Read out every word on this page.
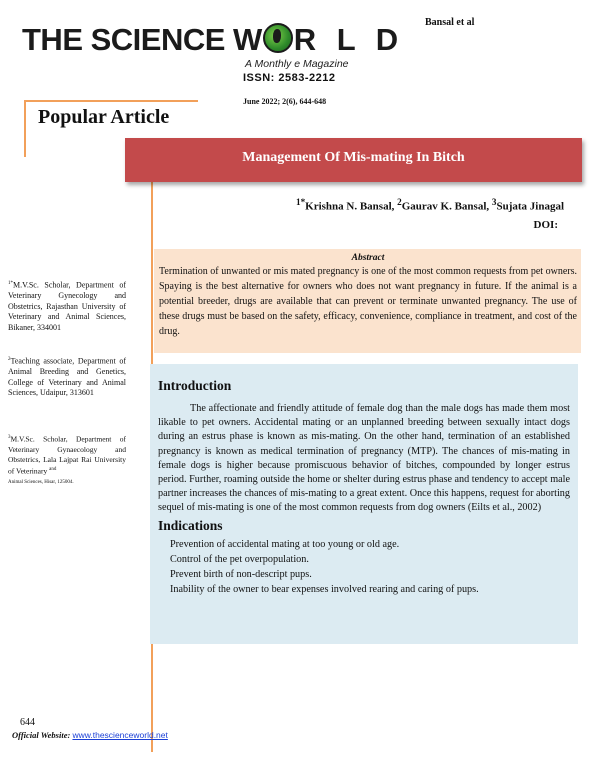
THE SCIENCE W R L D
A Monthly e Magazine
ISSN: 2583-2212
Bansal et al
June 2022; 2(6), 644-648
Popular Article
Management Of Mis-mating In Bitch
$^{1*}$Krishna N. Bansal, $^2$Gaurav K. Bansal, $^3$Sujata Jinagal
DOI:
Abstract
Termination of unwanted or mis mated pregnancy is one of the most common requests from pet owners. Spaying is the best alternative for owners who does not want pregnancy in future. If the animal is a potential breeder, drugs are available that can prevent or terminate unwanted pregnancy. The use of these drugs must be based on the safety, efficacy, convenience, compliance in treatment, and cost of the drug.
$^{1*}$M.V.Sc. Scholar, Department of Veterinary Gynecology and Obstetrics, Rajasthan University of Veterinary and Animal Sciences, Bikaner, 334001
$^2$Teaching associate, Department of Animal Breeding and Genetics, College of Veterinary and Animal Sciences, Udaipur, 313601
$^3$M.V.Sc. Scholar, Department of Veterinary Gynaecology and Obstetrics, Lala Lajpat Rai University of Veterinary $^{and}$
Animal Sciences, Hisar, 125004.
Introduction

The affectionate and friendly attitude of female dog than the male dogs has made them most likable to pet owners. Accidental mating or an unplanned breeding between sexually intact dogs during an estrus phase is known as mis-mating. On the other hand, termination of an established pregnancy is known as medical termination of pregnancy (MTP). The chances of mis-mating in female dogs is higher because promiscuous behavior of bitches, compounded by longer estrus period. Further, roaming outside the home or shelter during estrus phase and tendency to accept male partner increases the chances of mis-mating to a great extent. Once this happens, request for aborting sequel of mis-mating is one of the most common requests from dog owners (Eilts et al., 2002)

Indications
Prevention of accidental mating at too young or old age.
Control of the pet overpopulation.
Prevent birth of non-descript pups.
Inability of the owner to bear expenses involved rearing and caring of pups.
644
Official Website: www.thescienceworld.net
